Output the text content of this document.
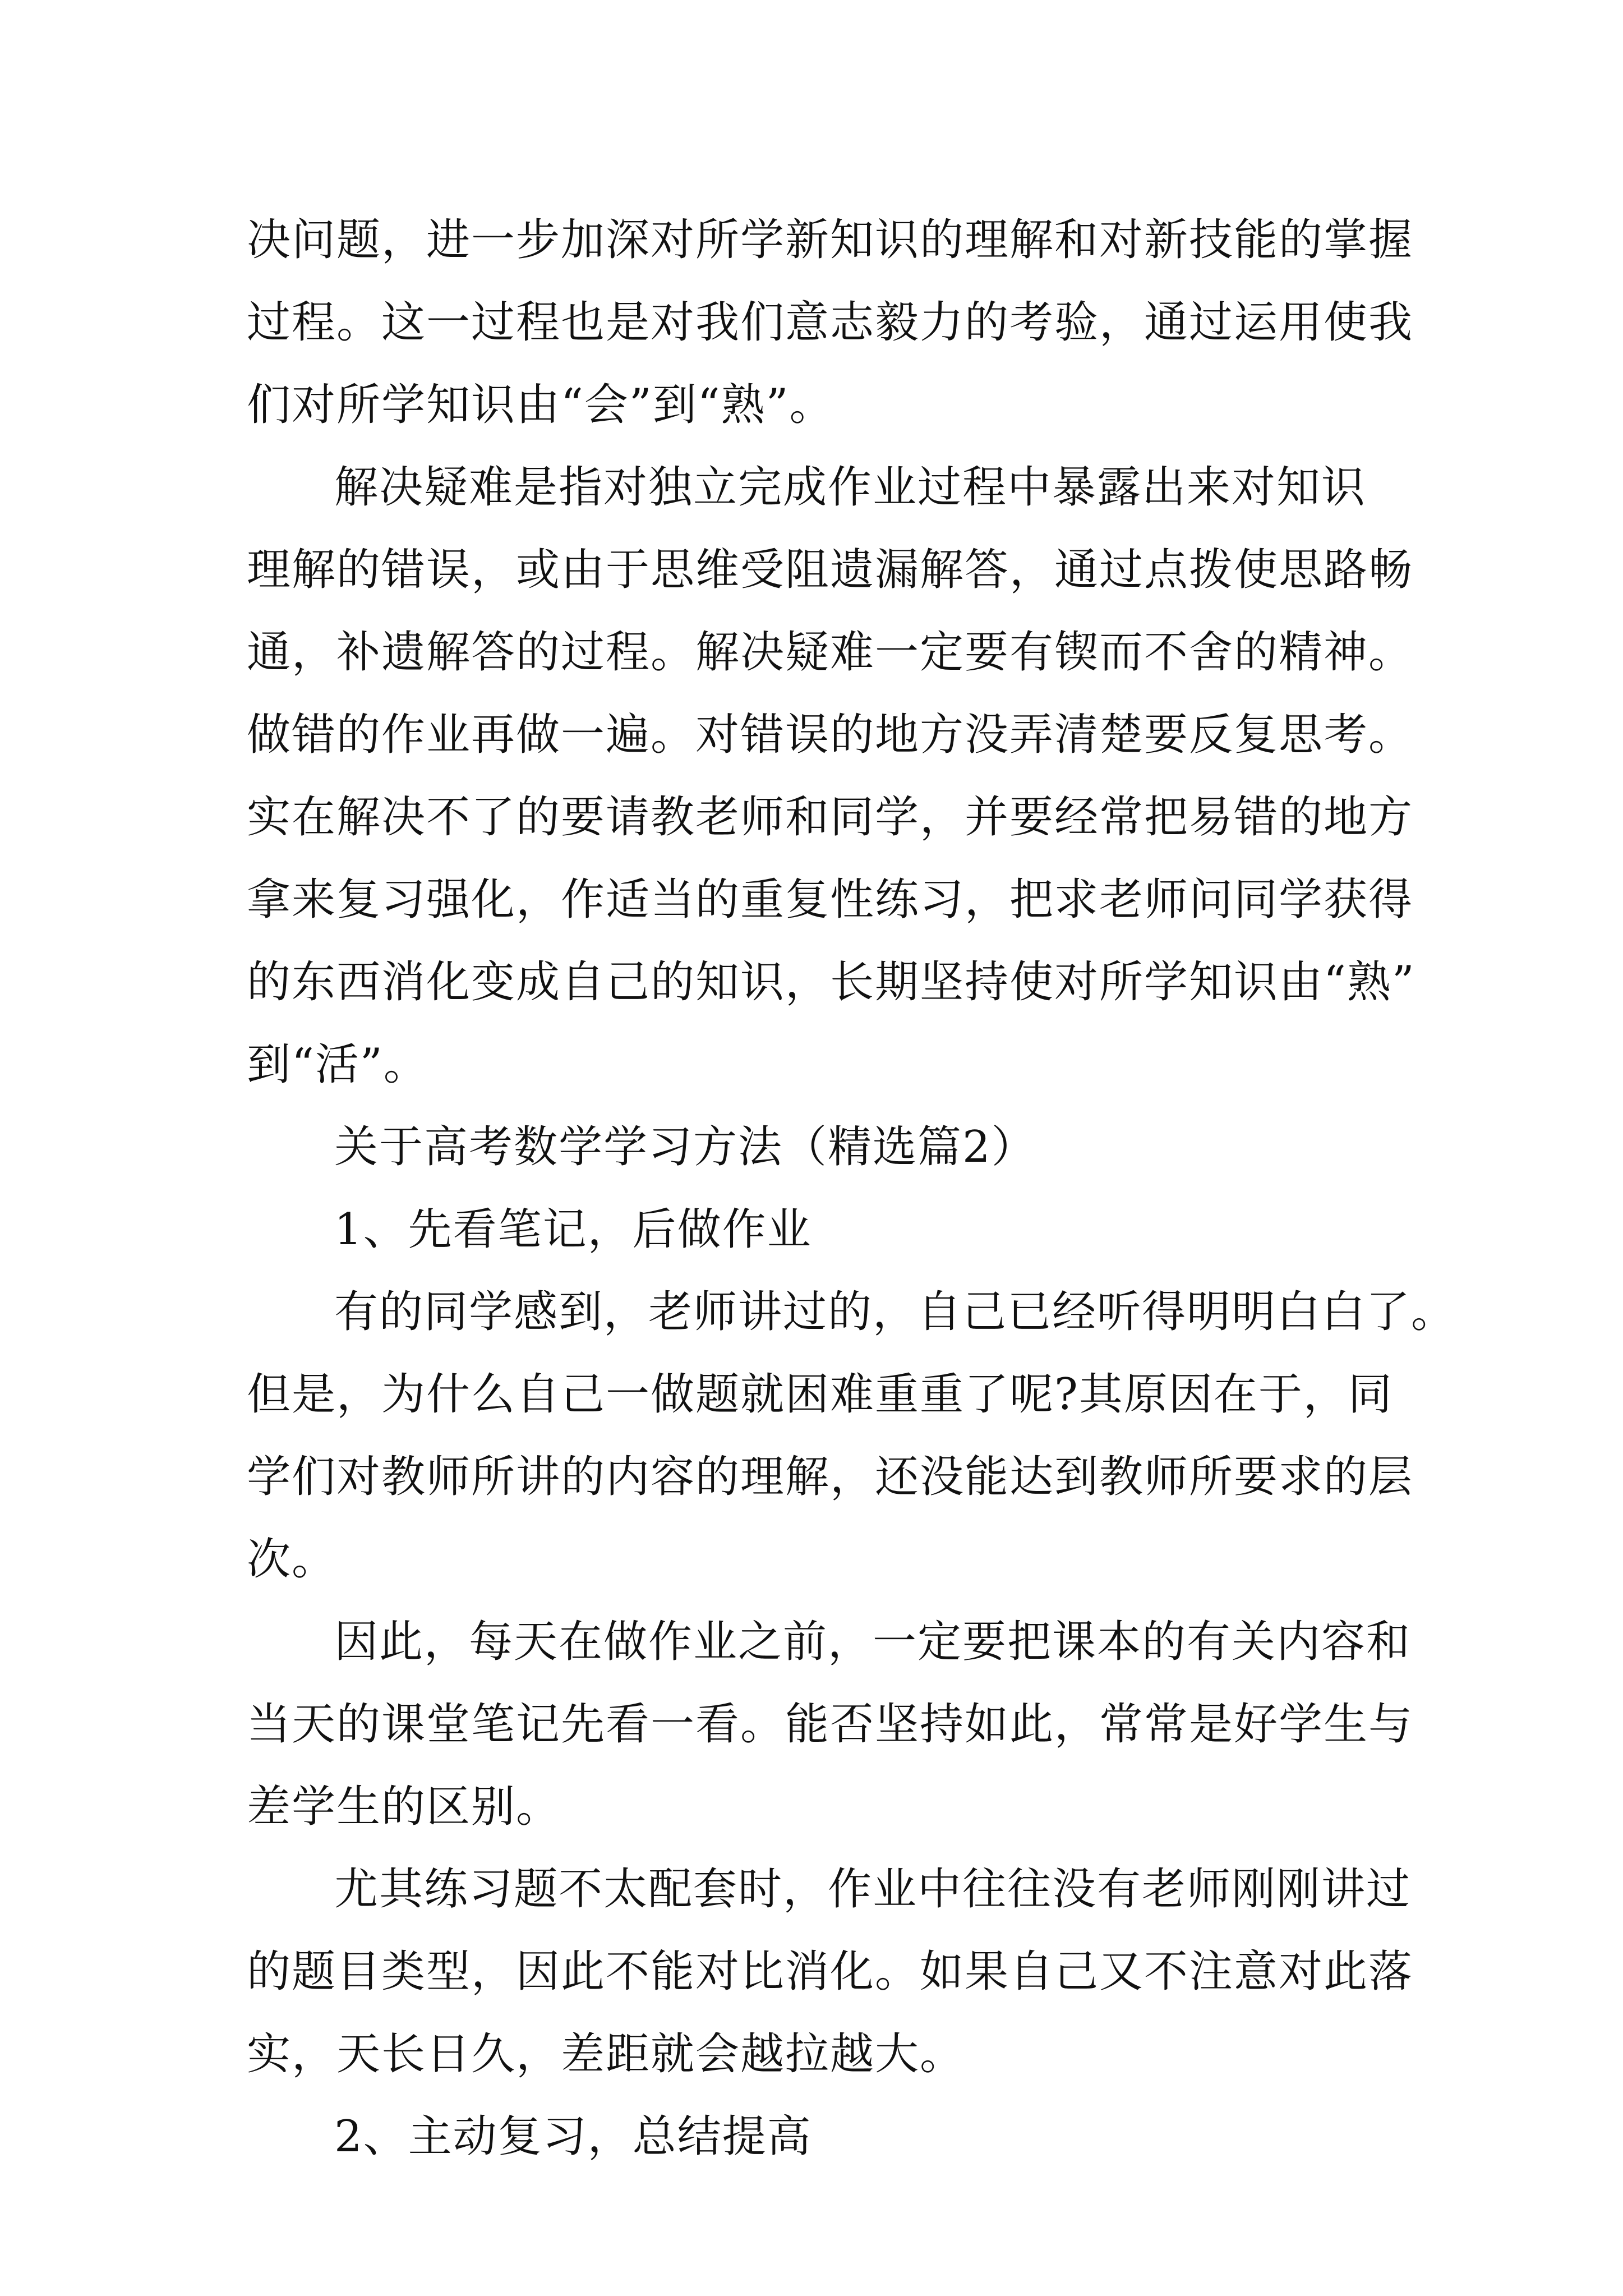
决问题，进一步加深对所学新知识的理解和对新技能的掌握
过程。这一过程也是对我们意志毅力的考验，通过运用使我
们对所学知识由“会”到“熟”。
解决疑难是指对独立完成作业过程中暴露出来对知识
理解的错误，或由于思维受阻遗漏解答，通过点拨使思路畅
通，补遗解答的过程。解决疑难一定要有锲而不舍的精神。
做错的作业再做一遍。对错误的地方没弄清楚要反复思考。
实在解决不了的要请教老师和同学，并要经常把易错的地方
拿来复习强化，作适当的重复性练习，把求老师问同学获得
的东西消化变成自己的知识，长期坚持使对所学知识由“熟”
到“活”。
关于高考数学学习方法（精选篇2）
1、先看笔记，后做作业
有的同学感到，老师讲过的，自己已经听得明明白白了。
但是，为什么自己一做题就困难重重了呢?其原因在于，同
学们对教师所讲的内容的理解，还没能达到教师所要求的层
次。
因此，每天在做作业之前，一定要把课本的有关内容和
当天的课堂笔记先看一看。能否坚持如此，常常是好学生与
差学生的区别。
尤其练习题不太配套时，作业中往往没有老师刚刚讲过
的题目类型，因此不能对比消化。如果自己又不注意对此落
实，天长日久，差距就会越拉越大。
2、主动复习，总结提高
